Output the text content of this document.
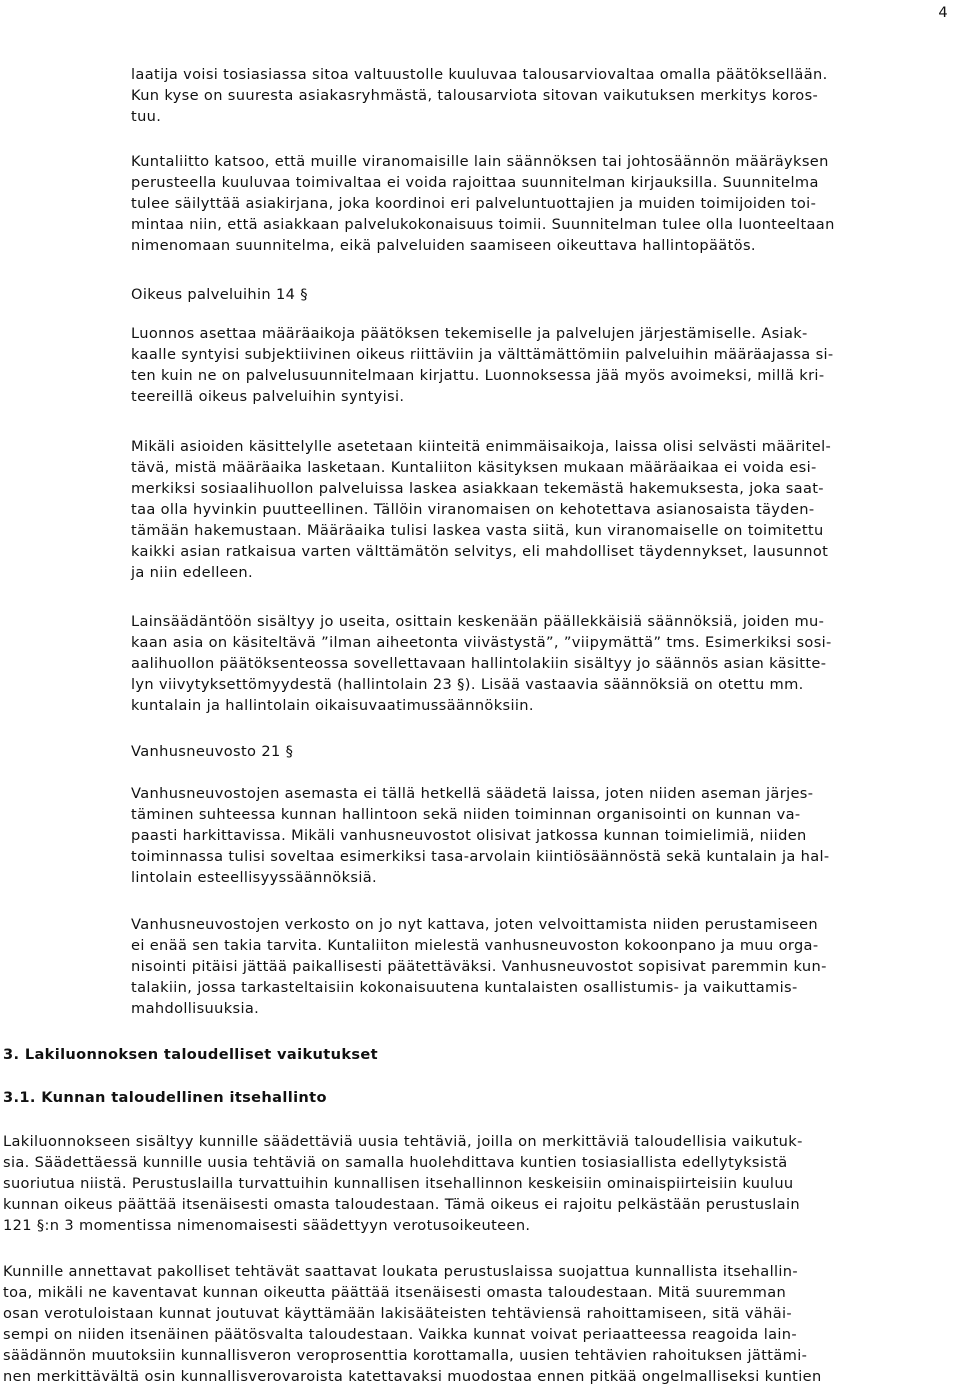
4

laatija voisi tosiasiassa sitoa valtuustolle kuuluvaa talousarviovaltaa omalla päätöksellään.
Kun kyse on suuresta asiakasryhmästä, talousarviota sitovan vaikutuksen merkitys koros-
tuu.

Kuntaliitto katsoo, että muille viranomaisille lain säännöksen tai johtosäännön määräyksen
perusteella kuuluvaa toimivaltaa ei voida rajoittaa suunnitelman kirjauksilla. Suunnitelma
tulee säilyttää asiakirjana, joka koordinoi eri palveluntuottajien ja muiden toimijoiden toi-
mintaa niin, että asiakkaan palvelukokonaisuus toimii. Suunnitelman tulee olla luonteeltaan
nimenomaan suunnitelma, eikä palveluiden saamiseen oikeuttava hallintopäätös.

Oikeus palveluihin 14 §

Luonnos asettaa määräaikoja päätöksen tekemiselle ja palvelujen järjestämiselle. Asiak-
kaalle syntyisi subjektiivinen oikeus riittäviin ja välttämättömiin palveluihin määräajassa si-
ten kuin ne on palvelusuunnitelmaan kirjattu. Luonnoksessa jää myös avoimeksi, millä kri-
teereillä oikeus palveluihin syntyisi.

Mikäli asioiden käsittelylle asetetaan kiinteitä enimmäisaikoja, laissa olisi selvästi määritel-
tävä, mistä määräaika lasketaan. Kuntaliiton käsityksen mukaan määräaikaa ei voida esi-
merkiksi sosiaalihuollon palveluissa laskea asiakkaan tekemästä hakemuksesta, joka saat-
taa olla hyvinkin puutteellinen. Tällöin viranomaisen on kehotettava asianosaista täyden-
tämään hakemustaan. Määräaika tulisi laskea vasta siitä, kun viranomaiselle on toimitettu
kaikki asian ratkaisua varten välttämätön selvitys, eli mahdolliset täydennykset, lausunnot
ja niin edelleen.

Lainsäädäntöön sisältyy jo useita, osittain keskenään päällekkäisiä säännöksiä, joiden mu-
kaan asia on käsiteltävä ”ilman aiheetonta viivästystä”, ”viipymättä” tms. Esimerkiksi sosi-
aalihuollon päätöksenteossa sovellettavaan hallintolakiin sisältyy jo säännös asian käsitte-
lyn viivytyksettömyydestä (hallintolain 23 §). Lisää vastaavia säännöksiä on otettu mm.
kuntalain ja hallintolain oikaisuvaatimussäännöksiin.

Vanhusneuvosto 21 §

Vanhusneuvostojen asemasta ei tällä hetkellä säädetä laissa, joten niiden aseman järjes-
täminen suhteessa kunnan hallintoon sekä niiden toiminnan organisointi on kunnan va-
paasti harkittavissa. Mikäli vanhusneuvostot olisivat jatkossa kunnan toimielimiä, niiden
toiminnassa tulisi soveltaa esimerkiksi tasa-arvolain kiintiösäännöstä sekä kuntalain ja hal-
lintolain esteellisyyssäännöksiä.

Vanhusneuvostojen verkosto on jo nyt kattava, joten velvoittamista niiden perustamiseen
ei enää sen takia tarvita. Kuntaliiton mielestä vanhusneuvoston kokoonpano ja muu orga-
nisointi pitäisi jättää paikallisesti päätettäväksi. Vanhusneuvostot sopisivat paremmin kun-
talakiin, jossa tarkasteltaisiin kokonaisuutena kuntalaisten osallistumis- ja vaikuttamis-
mahdollisuuksia.

3. Lakiluonnoksen taloudelliset vaikutukset

3.1. Kunnan taloudellinen itsehallinto

Lakiluonnokseen sisältyy kunnille säädettäviä uusia tehtäviä, joilla on merkittäviä taloudellisia vaikutuk-
sia. Säädettäessä kunnille uusia tehtäviä on samalla huolehdittava kuntien tosiasiallista edellytyksistä
suoriutua niistä. Perustuslailla turvattuihin kunnallisen itsehallinnon keskeisiin ominaispiirteisiin kuuluu
kunnan oikeus päättää itsenäisesti omasta taloudestaan. Tämä oikeus ei rajoitu pelkästään perustuslain
121 §:n 3 momentissa nimenomaisesti säädettyyn verotusoikeuteen.

Kunnille annettavat pakolliset tehtävät saattavat loukata perustuslaissa suojattua kunnallista itsehallin-
toa, mikäli ne kaventavat kunnan oikeutta päättää itsenäisesti omasta taloudestaan. Mitä suuremman
osan verotuloistaan kunnat joutuvat käyttämään lakisääteisten tehtäviensä rahoittamiseen, sitä vähäi-
sempi on niiden itsenäinen päätösvalta taloudestaan. Vaikka kunnat voivat periaatteessa reagoida lain-
säädännön muutoksiin kunnallisveron veroprosenttia korottamalla, uusien tehtävien rahoituksen jättämi-
nen merkittävältä osin kunnallisverovaroista katettavaksi muodostaa ennen pitkää ongelmalliseksi kuntien
